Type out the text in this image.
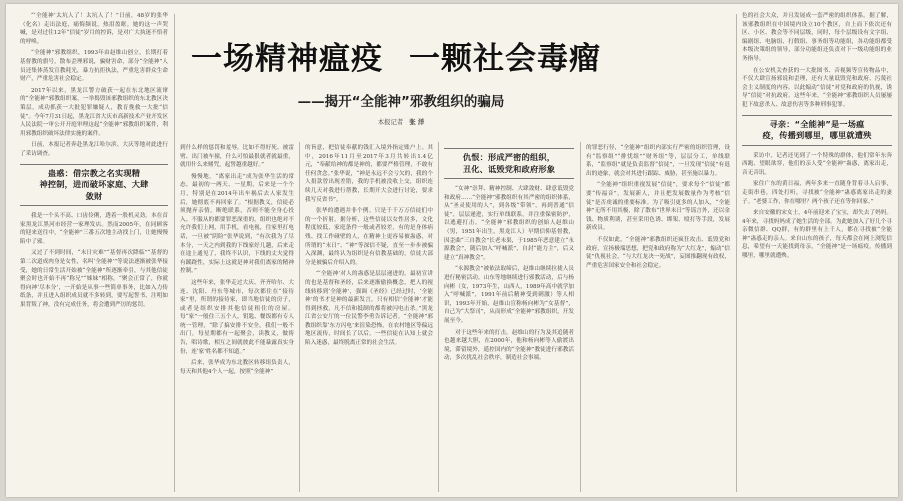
一场精神瘟疫 一颗社会毒瘤
——揭开“全能神”邪教组织的骗局
本报记者 张 洋

“‘全能神’太坑人了！太坑人了！”日前，48岁的张华（化名）走出法庭，痛悔频说，热泪盈眶。她的这一声哭喊，是对过往12年“信徒”岁月的控诉，是对广大执迷不悟者的呼唤。

“全能神”邪教组织，1993年由赵维山创立，长期打着基督教的旗号，散布歪理邪说，骗财害命，部分“全能神”人员还集体蒸发宣教耗光，暴力抗拒执法，严重危害群众生命财产，严重危害社会稳定。

2017年以来，黑龙江警方破获一起在东北地区流窜的“全能神”邪教组织案，一举捣毁该邪教组织的东北教区决策层，成功抓获一大批犯罪嫌疑人，教育挽救一大批“信徒”。今年7月31日起，黑龙江省大庆市高新技术产业开发区人民法院一审公开开庭审理这起“全能神”邪教组织案件，利用邪教组织破坏法律实施的案件。

日前，本报记者奔赴黑龙江哈尔滨、大庆等地对此进行了采访调查。

蛊惑：借宗教之名实现精
神控制，进而破坏家庭、大肆
敛财

我是一个头不高、口齿伶俐，透着一股机灵劲。本在首家黑龙江黑河市经营一家理发店。然而2005年，在同顾客的迎来送往中，“全能神”三番五次地主动找上门，让她慢慢陷中了邪。

又过了不到时间，“末日灾难”“基督再次降临”“基督的第二次道成肉身是女性，名叫‘全能神’”等说法逐渐被张华接受，她的日常生活开始被“全能神”所逐渐牵引，与其他信徒聚会时也开始不再“称兄”“姊妹”相称，“聚会正常了，你就得向神‘尽本分’，一开始是从事一些简单事务，比如入力传纸条，并且进入组织成员就不多转到，要写起誓书，注明如果背叛了神，没有完成任务，将会遭到严厉的惩罚。

到什么样的惩罚和羞辱，比如不得好死、被雷劈、出门被车撞，什么可怕最狠就者就最重，就用什么来赌咒，起誓越重越好。”

慢慢地，“离家出走”成为张华生活的常态，最初的一两天、一星期，后来是一个个月，特别是在2014年出车祸后去人家发生后，她彻底不再回家了。“根据教义，信徒必须抛弃亲情，断绝联系，否则不能全身心投入。不服从的都要罪恶深重的，组织也绝对不允许我们上网，用手机，看电视，往家里打电话，一旦被“阴险”张华说到，“有次我为了尽本分，一天之内到我的下线家好几趟，后来走在途上通见了，我终不认识，下线的丈夫觉得有蹊跷性，实际上这就是神对我们离家的精神控制。”

这些年来，张华走过大庆、齐齐哈尔、大连、沈阳、丹东等城市，每次都住在“接待家”里，所谓的接待家，即当地信徒的房子，或者是组织安排其他信徒租住的房屋。每“家”一般住三五个人，钥匙、餐饭都有专人统一管理，“除了搞安排不安全，我们一般不出门，每星期都有一起聚会，读教义，做祷告，唱诗歌，相互之间就彼此不能暴露真实身份，连‘家’姓名都不知道。”

后来，张华成为东北教区转移组负责人，每天和其他4个人一起，按照“全能神”

的旨意，把信徒奉献的钱汇入境外指定账户上。其中，2016年11月至2017年3月共转出1.4亿元，“奉献给神的都是神的，都要严格管理，不敢有任何贪念。”张华说，“神是永远不会亏欠的，我的个人捐款曾出现差错，我的手机被没收上交，组织连续几天对我进行帮教，长期开大会进行讨论，要求我写反省书”。

张华的遭遇并非个例。只是千千万万信徒们中的一个折射。据分析，这些信徒以女性居多，文化程度较低，家庭条件一般或者较差，有的是身体病残、找工作碰壁的人，在精神上更容易被蛊惑，对所谓的“末日”、“神”等深信不疑，直至一步步被骗入深渊，最终认为组织是有信教基础的，信徒大部分是被骗后介绍入的。

“‘全能神’对人的蛊惑是层层递进的，最初宣讲的也是基督和圣经，后来逐渐偷换概念，把人的视线转移到‘全能神’，强调《圣经》已经过时，‘全能神’的书才是神的最新发言，只有相信‘全能神’才能得到拯救，凡不信和抵制的都将被闪电击杀。”黑龙江省公安厅的一位民警李勇告诉记者，“全能神”邪教组织靠‘东方闪电’来渲染恐怖，在农村地区等偏远地区流传，时间长了以后，一些信徒在认知上就会陷入迷惑，最终脱离正常的社会生活。

仇恨：形成严密的组织，
丑化、诋毁党和政府形象

“女神”崇拜、精神控制、大肆敛财、肆意诋毁党和政府……“全能神”邪教组织有其严密的组织体系，从“圣灵使用的人”，到各级“带领”，再到普通“信徒”，层层递进，实行单线联系，并注重保密防护，以逃避打击。“全能神”邪教组织的创始人赵维山（男，1951年出生，黑龙江人）早期信仰基督教，因歪曲“三自教会”长老未果，于1985年恶意建立“永源教会”，随后加入“呼喊派”，自封“能力主”，后又建立“真神教会”。

“永源教会”被依法取缔后，赵维山继续拉拢人员进行秘密活动。山东等地继续进行邪教活动，后与杨向彬（女，1973年生，山西人，1989年高中就学加入“呼喊派”，1991年前后精神受到刺激）等人相识，1993年开始，赵维山宣称杨向彬为“女基督”，自己为“大祭司”，从而形成“全能神”邪教组织，开发展至今。

对于这些年来的打击，赵维山的行为及其追随者也越来越大胆，在2000年，他和杨向彬等人偷渡出境，滞留境外，遥控国内的“全能神”教徒进行邪教活动，多次扰乱社会秩序，制造社会事端。

的罪恶行径，“全能神”组织内部实行严密的组织管理，设有“监察组”“排忧组”“财务组”等，层层分工，单线联系，“监察组”就是负责监督“信徒”，一旦发现“信徒”有退出的迹象，就会对其进行跟踪、威胁，甚至施以暴力。

“全能神”组织重视发展“信徒”，要求每个“信徒”都要“传福音”，发展新人，并且把发展数量作为考核“信徒”是否虔诚的重要标准。为了吸引更多的人加入，“全能神”无所不用其极，除了散布“世界末日”等谣言外，还以金钱、物质利诱，甚至采用色诱、绑架、殴打等手段，发展新成员。

不仅如此，“全能神”邪教组织还疯狂攻击、诋毁党和政府，宣扬极端思想，把党和政府称为“大红龙”，煽动“信徒”仇视社会，“与大红龙决一死战”，妄图推翻现有政权，严重危害国家安全和社会稳定。

色的社会大众，并且发展成一套严密的组织体系。据了解，该邪教组织在中国境内设立10个教区，自上而下依次还有区、小区、教会等不同层级，同时，每个层级设有文字组、编剧组、电脑组、打假组、事务组等功能组，各功能组都受本级决策组的领导，部分功能组还负责对下一级功能组的业务指导。

在公安机关查获的一大批图书、音视频等宣传物品中，不仅大肆宣扬邪说和歪理，还有大量诋毁党和政府、污蔑社会主义制度的内容。以此煽动“信徒”对党和政府的仇视，诱导“信徒”对抗政府。这些年来，“全能神”邪教组织人员屡屡犯下故意杀人、故意伤害等多种刑事犯罪。

寻亲：“全能神”是一场瘟
疫，传播到哪里，哪里就遭殃

采访中，记者还见到了一个特殊的群体，他们常年东奔西跑、望眼欲穿，他们的亲人受“全能神”蛊惑，离家出走，音无音讯。

家住广东的黄日福，两年多来一直随身背着寻人启事，走街串巷，四处打听，寻找被“全能神”蛊惑离家出走的妻子。“老婆工作，你在哪里？两个孩子还在等你回家。”

来自安徽的宋女士，4年前迎来了宝宝，却失去了妈妈。4年来，寻找妈妈成了她生活的全部。为此她加入了好几个寻亲微信群、QQ群，有的群里有上千人，都在寻找被“全能神”蛊惑走的亲人。来自山东的孩子，每天都会在网上浏览信息，希望有一天能找到母亲，“全能神”是一场瘟疫，传播到哪里，哪里就遭殃。
